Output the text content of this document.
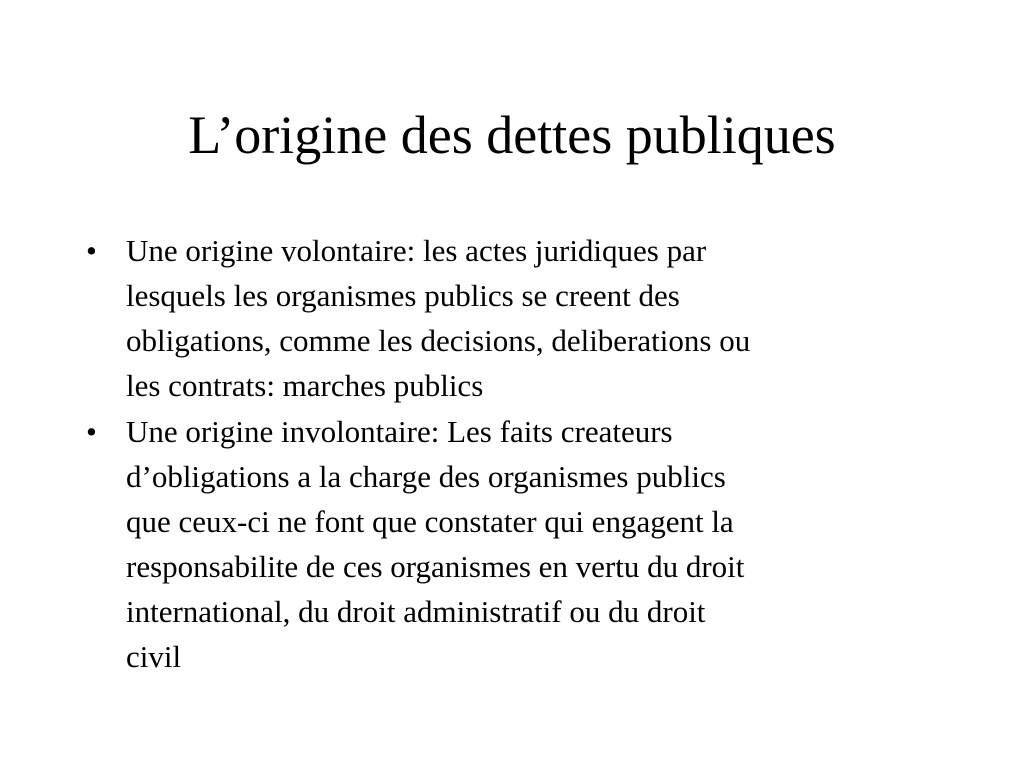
L’origine des dettes publiques
• Une origine volontaire: les actes juridiques par
lesquels les organismes publics se creent des
obligations, comme les decisions, deliberations ou
les contrats: marches publics
• Une origine involontaire: Les faits createurs
d’obligations a la charge des organismes publics
que ceux-ci ne font que constater qui engagent la
responsabilite de ces organismes en vertu du droit
international, du droit administratif ou du droit
civil
